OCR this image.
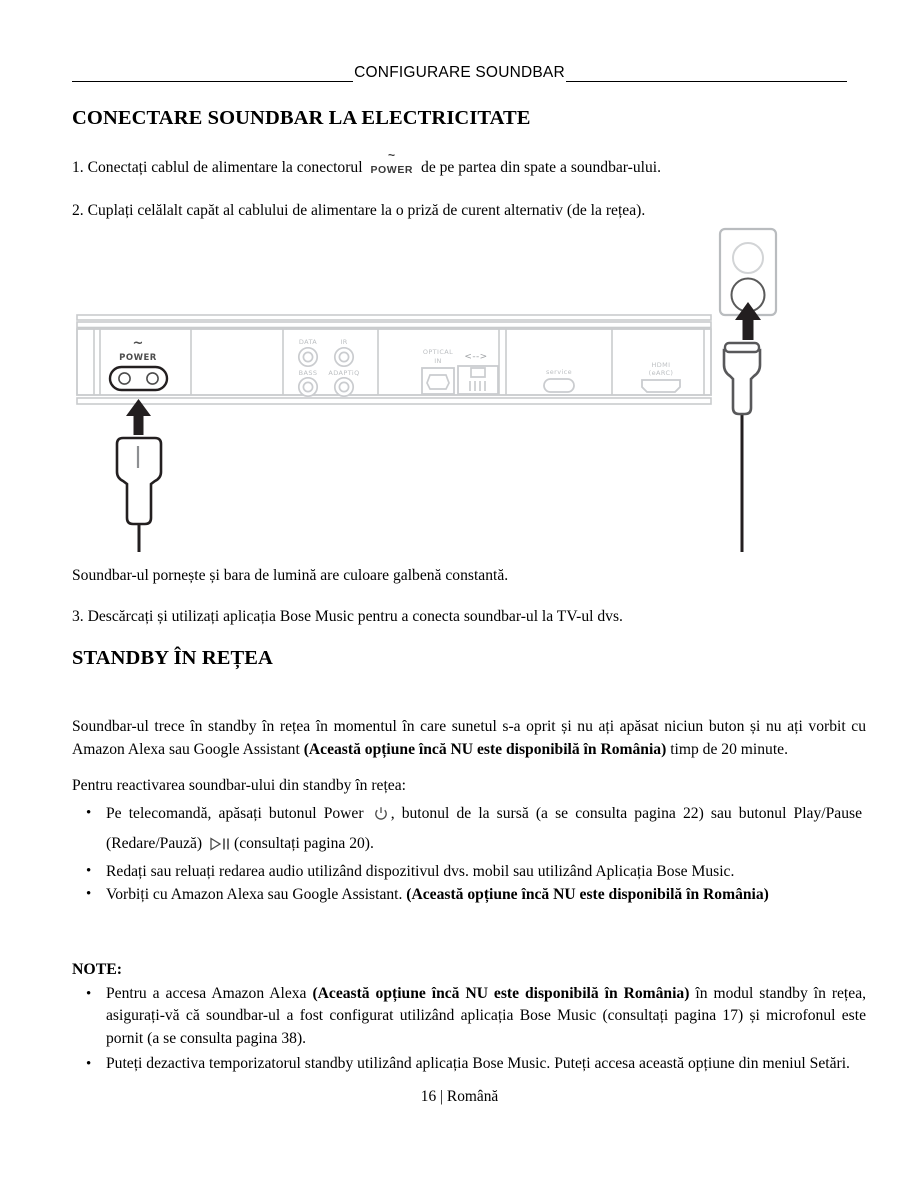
CONFIGURARE SOUNDBAR
CONECTARE SOUNDBAR LA ELECTRICITATE

1. Conectați cablul de alimentare la conectorul
~
POWER de pe partea din spate a soundbar-ului.

2. Cuplați celălalt capăt al cablului de alimentare la o priză de curent alternativ (de la rețea).

~
POWER
DATA	IR
BASS ADAPTiQ
OPTICAL
IN	<-->
service
HDMI
(eARC)

Soundbar-ul pornește și bara de lumină are culoare galbenă constantă.

3. Descărcați și utilizați aplicația Bose Music pentru a conecta soundbar-ul la TV-ul dvs.

STANDBY ÎN REȚEA

Soundbar-ul trece în standby în rețea în momentul în care sunetul s-a oprit și nu ați apăsat niciun buton și nu ați vorbit cu Amazon Alexa sau Google Assistant (Această opțiune încă NU este disponibilă în România) timp de 20 minute.

Pentru reactivarea soundbar-ului din standby în rețea:

• Pe telecomandă, apăsați butonul Power , butonul de la sursă (a se consulta pagina 22) sau butonul Play/Pause (Redare/Pauză) (consultați pagina 20).
• Redați sau reluați redarea audio utilizând dispozitivul dvs. mobil sau utilizând Aplicația Bose Music.
• Vorbiți cu Amazon Alexa sau Google Assistant. (Această opțiune încă NU este disponibilă în România)
NOTE:
• Pentru a accesa Amazon Alexa (Această opțiune încă NU este disponibilă în România) în modul standby în rețea, asigurați-vă că soundbar-ul a fost configurat utilizând aplicația Bose Music (consultați pagina 17) și microfonul este pornit (a se consulta pagina 38).
• Puteți dezactiva temporizatorul standby utilizând aplicația Bose Music. Puteți accesa această opțiune din meniul Setări.
16 | Română
